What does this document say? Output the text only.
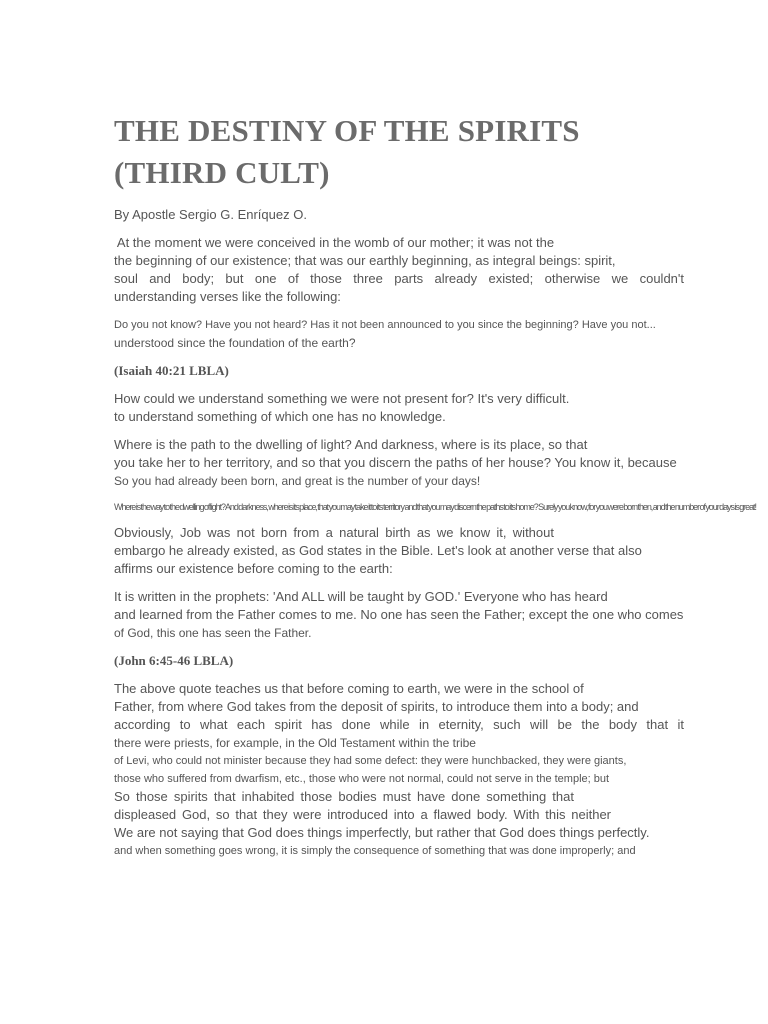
THE DESTINY OF THE SPIRITS
(THIRD CULT)
By Apostle Sergio G. Enríquez O.
At the moment we were conceived in the womb of our mother; it was not the
the beginning of our existence; that was our earthly beginning, as integral beings: spirit,
soul and body; but one of those three parts already existed; otherwise we couldn't
understanding verses like the following:
Do you not know? Have you not heard? Has it not been announced to you since the beginning? Have you not...
understood since the foundation of the earth?
(Isaiah 40:21 LBLA)
How could we understand something we were not present for? It's very difficult.
to understand something of which one has no knowledge.
Where is the path to the dwelling of light? And darkness, where is its place, so that
you take her to her territory, and so that you discern the paths of her house? You know it, because
So you had already been born, and great is the number of your days!
Where is the way to the dwelling of light? And darkness, where is its place, that you may take it to its territory and that you may discern the paths to its home? Surely you know, for you were born then, and the number of your days is great!
Obviously, Job was not born from a natural birth as we know it, without
embargo he already existed, as God states in the Bible. Let's look at another verse that also
affirms our existence before coming to the earth:
It is written in the prophets: 'And ALL will be taught by GOD.' Everyone who has heard
and learned from the Father comes to me. No one has seen the Father; except the one who comes
of God, this one has seen the Father.
(John 6:45-46 LBLA)
The above quote teaches us that before coming to earth, we were in the school of
Father, from where God takes from the deposit of spirits, to introduce them into a body; and
according to what each spirit has done while in eternity, such will be the body that it
there were priests, for example, in the Old Testament within the tribe
of Levi, who could not minister because they had some defect: they were hunchbacked, they were giants,
those who suffered from dwarfism, etc., those who were not normal, could not serve in the temple; but
So those spirits that inhabited those bodies must have done something that
displeased God, so that they were introduced into a flawed body. With this neither
We are not saying that God does things imperfectly, but rather that God does things perfectly.
and when something goes wrong, it is simply the consequence of something that was done improperly; and
